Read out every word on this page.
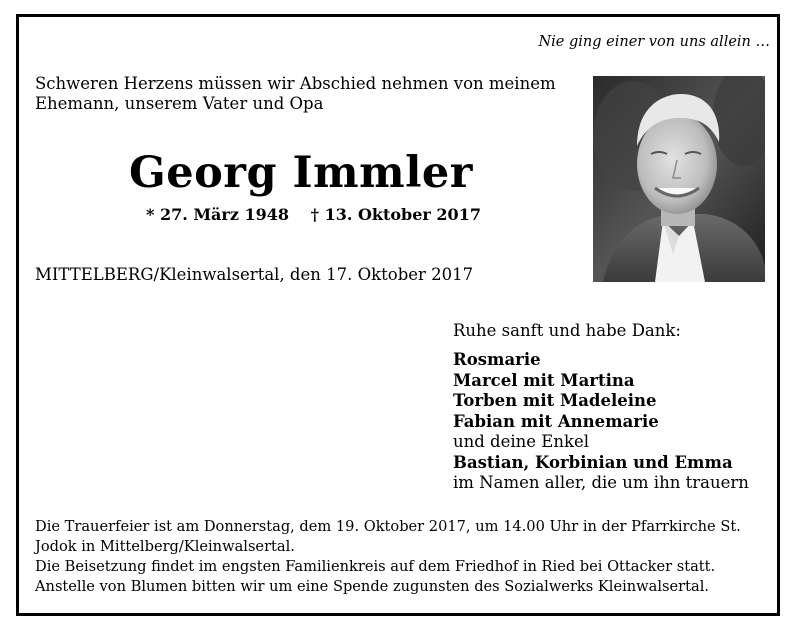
Nie ging einer von uns allein …
Schweren Herzens müssen wir Abschied nehmen von meinem Ehemann, unserem Vater und Opa
Georg Immler
* 27. März 1948 † 13. Oktober 2017
MITTELBERG/Kleinwalsertal, den 17. Oktober 2017
Ruhe sanft und habe Dank:
Rosmarie
Marcel mit Martina
Torben mit Madeleine
Fabian mit Annemarie
und deine Enkel
Bastian, Korbinian und Emma
im Namen aller, die um ihn trauern
Die Trauerfeier ist am Donnerstag, dem 19. Oktober 2017, um 14.00 Uhr in der Pfarrkirche St. Jodok in Mittelberg/Kleinwalsertal.
Die Beisetzung findet im engsten Familienkreis auf dem Friedhof in Ried bei Ottacker statt.
Anstelle von Blumen bitten wir um eine Spende zugunsten des Sozialwerks Kleinwalsertal.
